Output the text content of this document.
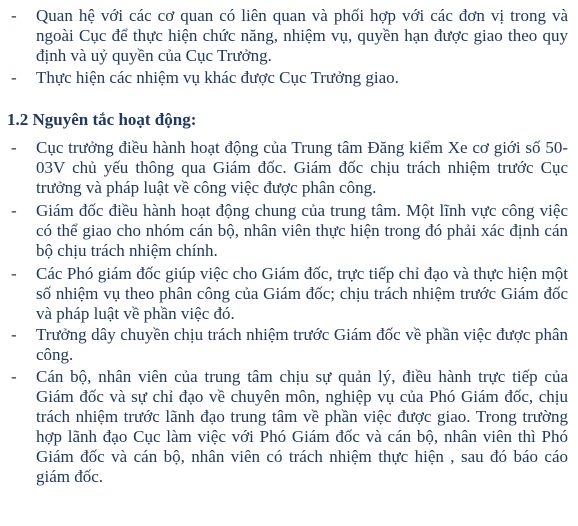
- Quan hệ với các cơ quan có liên quan và phối hợp với các đơn vị trong và ngoài Cục để thực hiện chức năng, nhiệm vụ, quyền hạn được giao theo quy định và uỷ quyền của Cục Trưởng.
- Thực hiện các nhiệm vụ khác được Cục Trưởng giao.
1.2 Nguyên tắc hoạt động:
- Cục trưởng điều hành hoạt động của Trung tâm Đăng kiểm Xe cơ giới số 50-03V chủ yếu thông qua Giám đốc. Giám đốc chịu trách nhiệm trước Cục trưởng và pháp luật về công việc được phân công.
- Giám đốc điều hành hoạt động chung của trung tâm. Một lĩnh vực công việc có thể giao cho nhóm cán bộ, nhân viên thực hiện trong đó phải xác định cán bộ chịu trách nhiệm chính.
- Các Phó giám đốc giúp việc cho Giám đốc, trực tiếp chỉ đạo và thực hiện một số nhiệm vụ theo phân công của Giám đốc; chịu trách nhiệm trước Giám đốc và pháp luật về phần việc đó.
- Trưởng dây chuyền chịu trách nhiệm trước Giám đốc về phần việc được phân công.
- Cán bộ, nhân viên của trung tâm chịu sự quản lý, điều hành trực tiếp của Giám đốc và sự chỉ đạo về chuyên môn, nghiệp vụ của Phó Giám đốc, chịu trách nhiệm trước lãnh đạo trung tâm về phần việc được giao. Trong trường hợp lãnh đạo Cục làm việc với Phó Giám đốc và cán bộ, nhân viên thì Phó Giám đốc và cán bộ, nhân viên có trách nhiệm thực hiện , sau đó báo cáo giám đốc.
